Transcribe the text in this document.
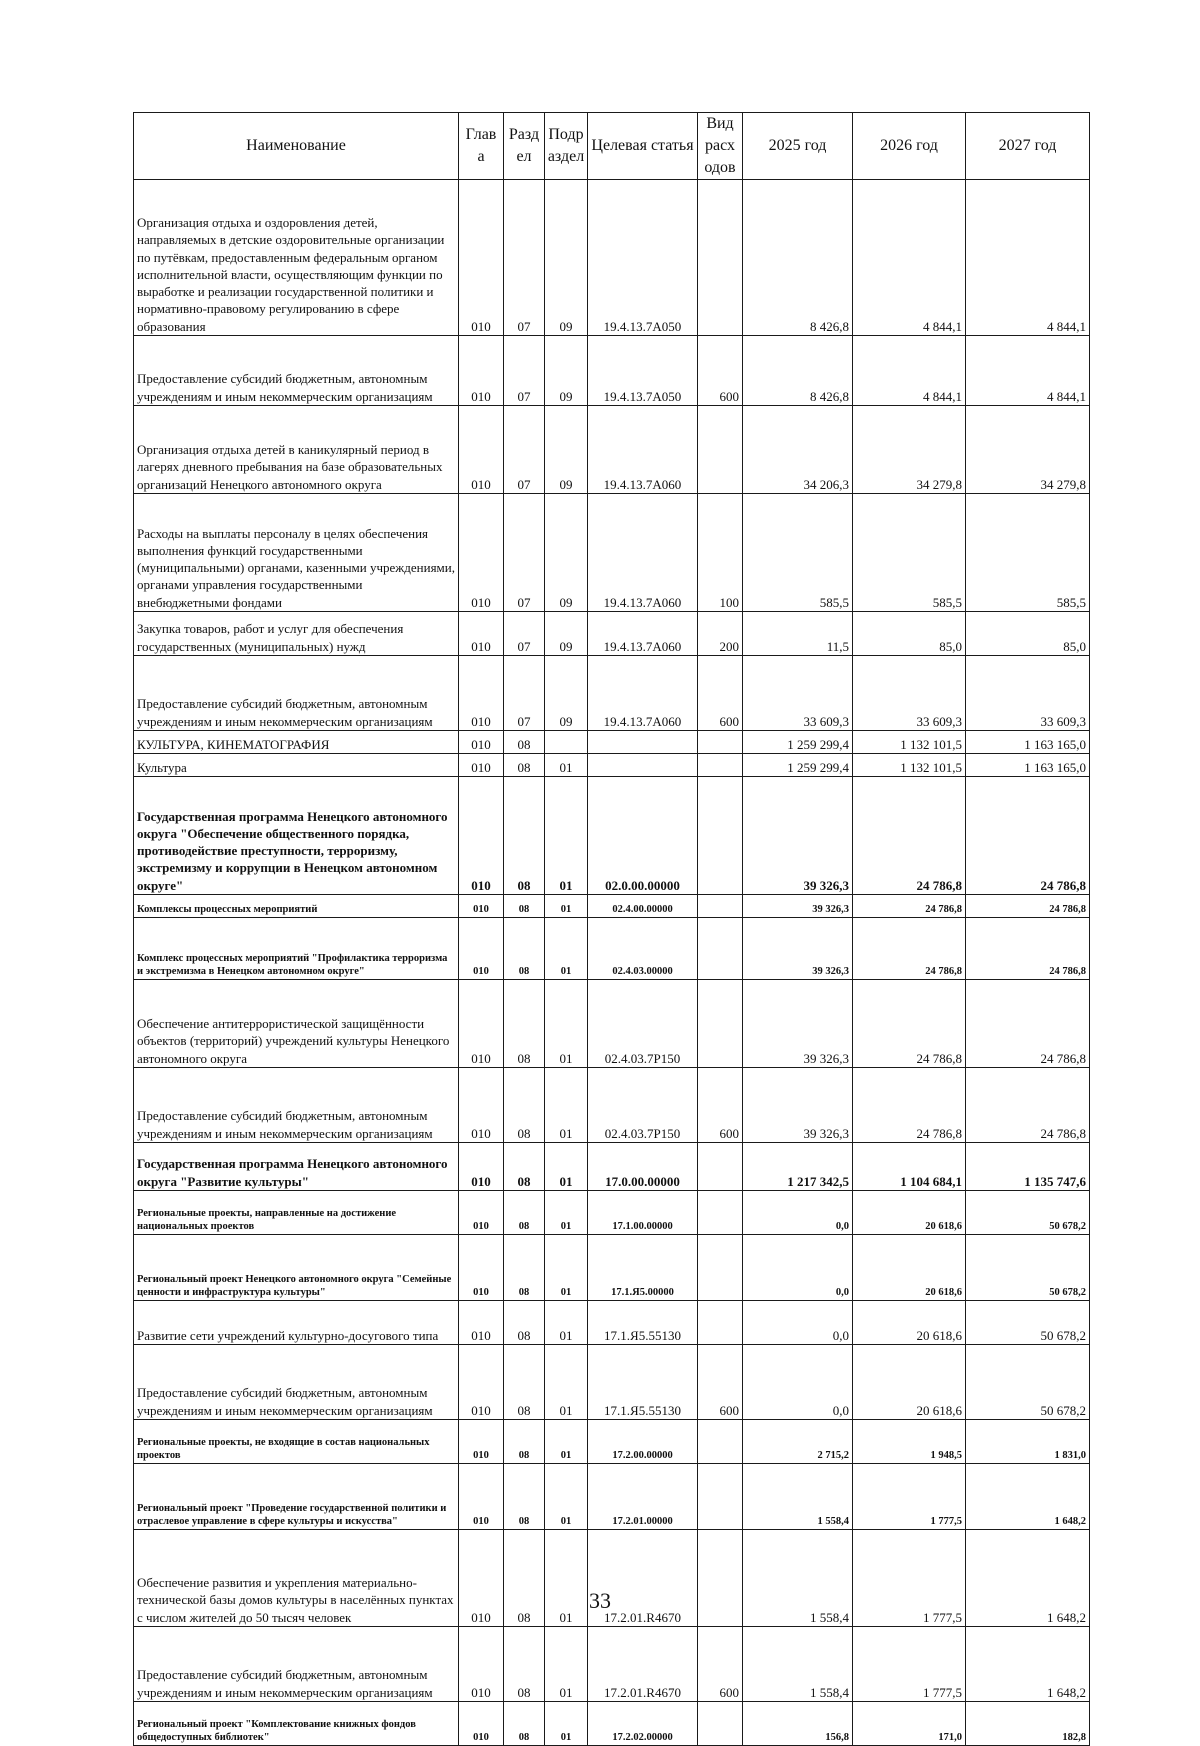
Наименование	Глав а	Разд ел	Подр аздел	Целевая статья	Вид расх одов	2025 год	2026 год	2027 год
Организация отдыха и оздоровления детей, направляемых в детские оздоровительные организации по путёвкам, предоставленным федеральным органом исполнительной власти, осуществляющим функции по выработке и реализации государственной политики и нормативно-правовому регулированию в сфере образования	010	07	09	19.4.13.7А050		8 426,8	4 844,1	4 844,1
Предоставление субсидий бюджетным, автономным учреждениям и иным некоммерческим организациям	010	07	09	19.4.13.7А050	600	8 426,8	4 844,1	4 844,1
Организация отдыха детей в каникулярный период в лагерях дневного пребывания на базе образовательных организаций Ненецкого автономного округа	010	07	09	19.4.13.7А060		34 206,3	34 279,8	34 279,8
Расходы на выплаты персоналу в целях обеспечения выполнения функций государственными (муниципальными) органами, казенными учреждениями, органами управления государственными внебюджетными фондами	010	07	09	19.4.13.7А060	100	585,5	585,5	585,5
Закупка товаров, работ и услуг для обеспечения государственных (муниципальных) нужд	010	07	09	19.4.13.7А060	200	11,5	85,0	85,0
Предоставление субсидий бюджетным, автономным учреждениям и иным некоммерческим организациям	010	07	09	19.4.13.7А060	600	33 609,3	33 609,3	33 609,3
КУЛЬТУРА, КИНЕМАТОГРАФИЯ	010	08				1 259 299,4	1 132 101,5	1 163 165,0
Культура	010	08	01			1 259 299,4	1 132 101,5	1 163 165,0
Государственная программа Ненецкого автономного округа "Обеспечение общественного порядка, противодействие преступности, терроризму, экстремизму и коррупции в Ненецком автономном округе"	010	08	01	02.0.00.00000		39 326,3	24 786,8	24 786,8
Комплексы процессных мероприятий	010	08	01	02.4.00.00000		39 326,3	24 786,8	24 786,8
Комплекс процессных мероприятий "Профилактика терроризма и экстремизма в Ненецком автономном округе"	010	08	01	02.4.03.00000		39 326,3	24 786,8	24 786,8
Обеспечение антитеррористической защищённости объектов (территорий) учреждений культуры Ненецкого автономного округа	010	08	01	02.4.03.7Р150		39 326,3	24 786,8	24 786,8
Предоставление субсидий бюджетным, автономным учреждениям и иным некоммерческим организациям	010	08	01	02.4.03.7Р150	600	39 326,3	24 786,8	24 786,8
Государственная программа Ненецкого автономного округа "Развитие культуры"	010	08	01	17.0.00.00000		1 217 342,5	1 104 684,1	1 135 747,6
Региональные проекты, направленные на достижение национальных проектов	010	08	01	17.1.00.00000		0,0	20 618,6	50 678,2
Региональный проект Ненецкого автономного округа "Семейные ценности и инфраструктура культуры"	010	08	01	17.1.Я5.00000		0,0	20 618,6	50 678,2
Развитие сети учреждений культурно-досугового типа	010	08	01	17.1.Я5.55130		0,0	20 618,6	50 678,2
Предоставление субсидий бюджетным, автономным учреждениям и иным некоммерческим организациям	010	08	01	17.1.Я5.55130	600	0,0	20 618,6	50 678,2
Региональные проекты, не входящие в состав национальных проектов	010	08	01	17.2.00.00000		2 715,2	1 948,5	1 831,0
Региональный проект "Проведение государственной политики и отраслевое управление в сфере культуры и искусства"	010	08	01	17.2.01.00000		1 558,4	1 777,5	1 648,2
Обеспечение развития и укрепления материально-технической базы домов культуры в населённых пунктах с числом жителей до 50 тысяч человек	010	08	01	17.2.01.R4670		1 558,4	1 777,5	1 648,2
Предоставление субсидий бюджетным, автономным учреждениям и иным некоммерческим организациям	010	08	01	17.2.01.R4670	600	1 558,4	1 777,5	1 648,2
Региональный проект "Комплектование книжных фондов общедоступных библиотек"	010	08	01	17.2.02.00000		156,8	171,0	182,8
33
